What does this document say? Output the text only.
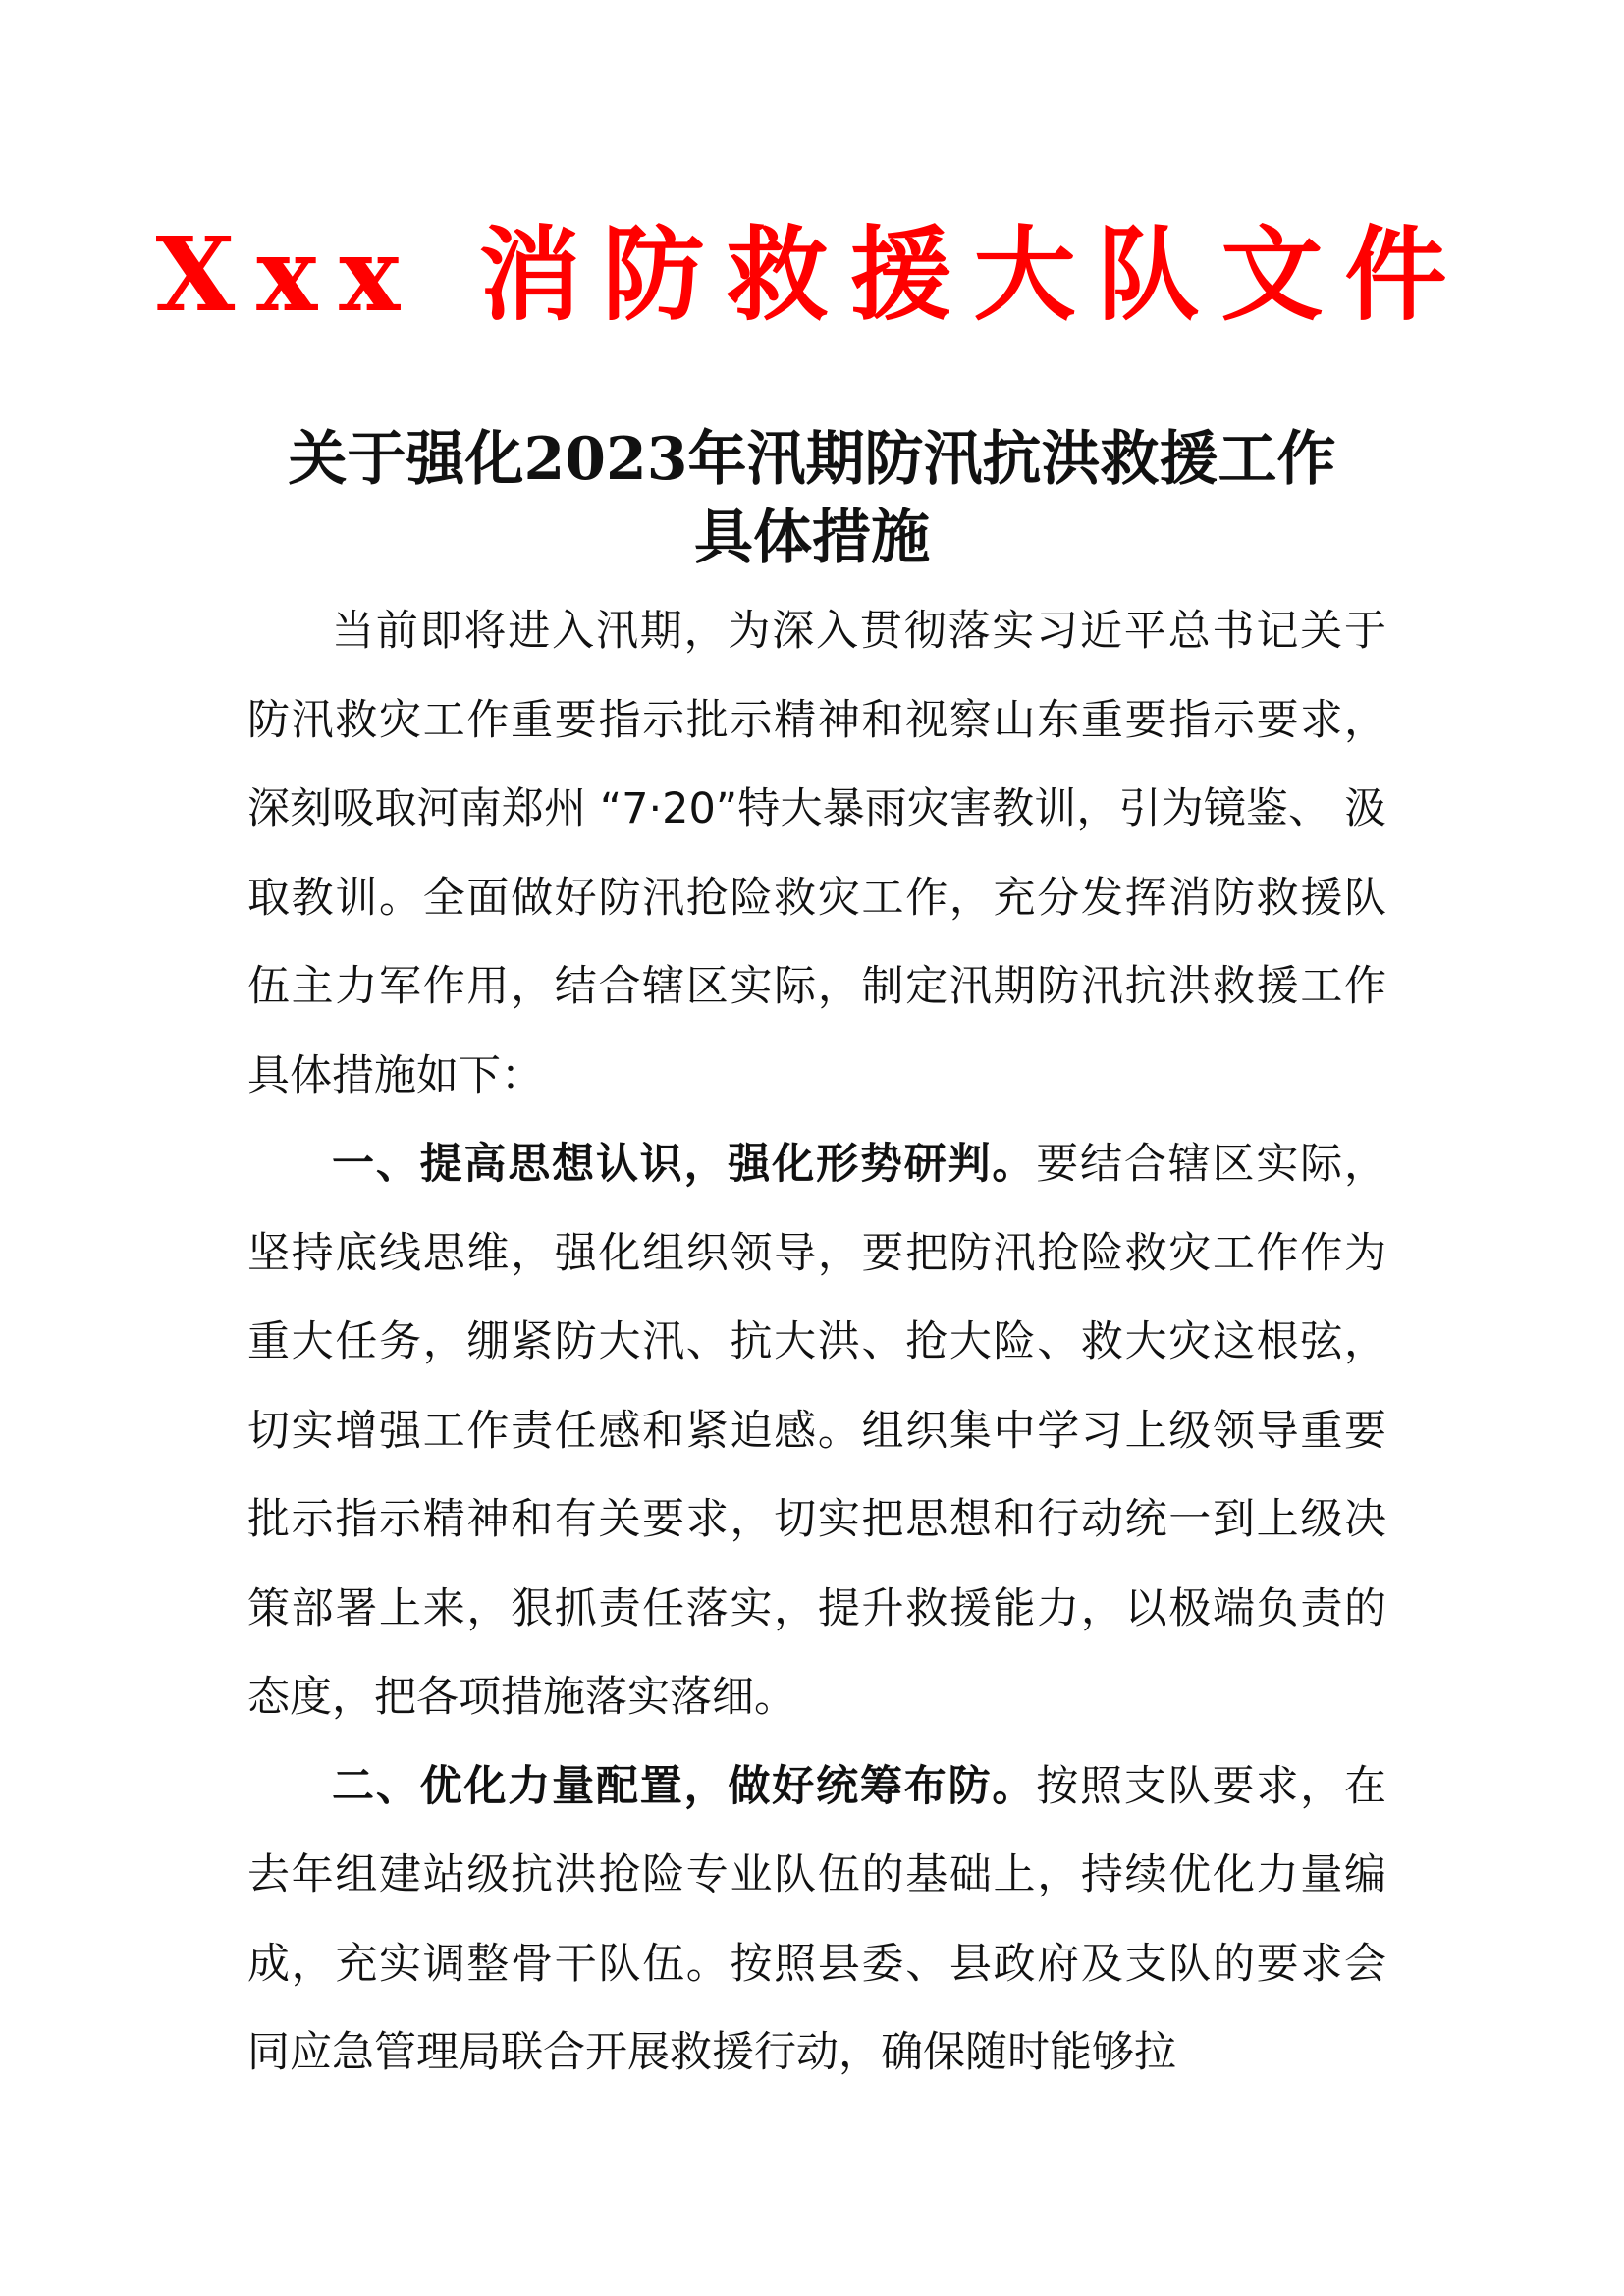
Xxx 消防救援大队文件
关于强化2023年汛期防汛抗洪救援工作
具体措施

当前即将进入汛期，为深入贯彻落实习近平总书记关于防汛救灾工作重要指示批示精神和视察山东重要指示要求，深刻吸取河南郑州 “7·20”特大暴雨灾害教训，引为镜鉴、 汲取教训。全面做好防汛抢险救灾工作，充分发挥消防救援队伍主力军作用，结合辖区实际，制定汛期防汛抗洪救援工作具体措施如下：

一、提高思想认识，强化形势研判。要结合辖区实际，坚持底线思维，强化组织领导，要把防汛抢险救灾工作作为重大任务，绷紧防大汛、抗大洪、抢大险、救大灾这根弦，切实增强工作责任感和紧迫感。组织集中学习上级领导重要批示指示精神和有关要求，切实把思想和行动统一到上级决策部署上来，狠抓责任落实，提升救援能力，以极端负责的态度，把各项措施落实落细。

二、优化力量配置，做好统筹布防。按照支队要求，在去年组建站级抗洪抢险专业队伍的基础上，持续优化力量编成，充实调整骨干队伍。按照县委、县政府及支队的要求会同应急管理局联合开展救援行动，确保随时能够拉
